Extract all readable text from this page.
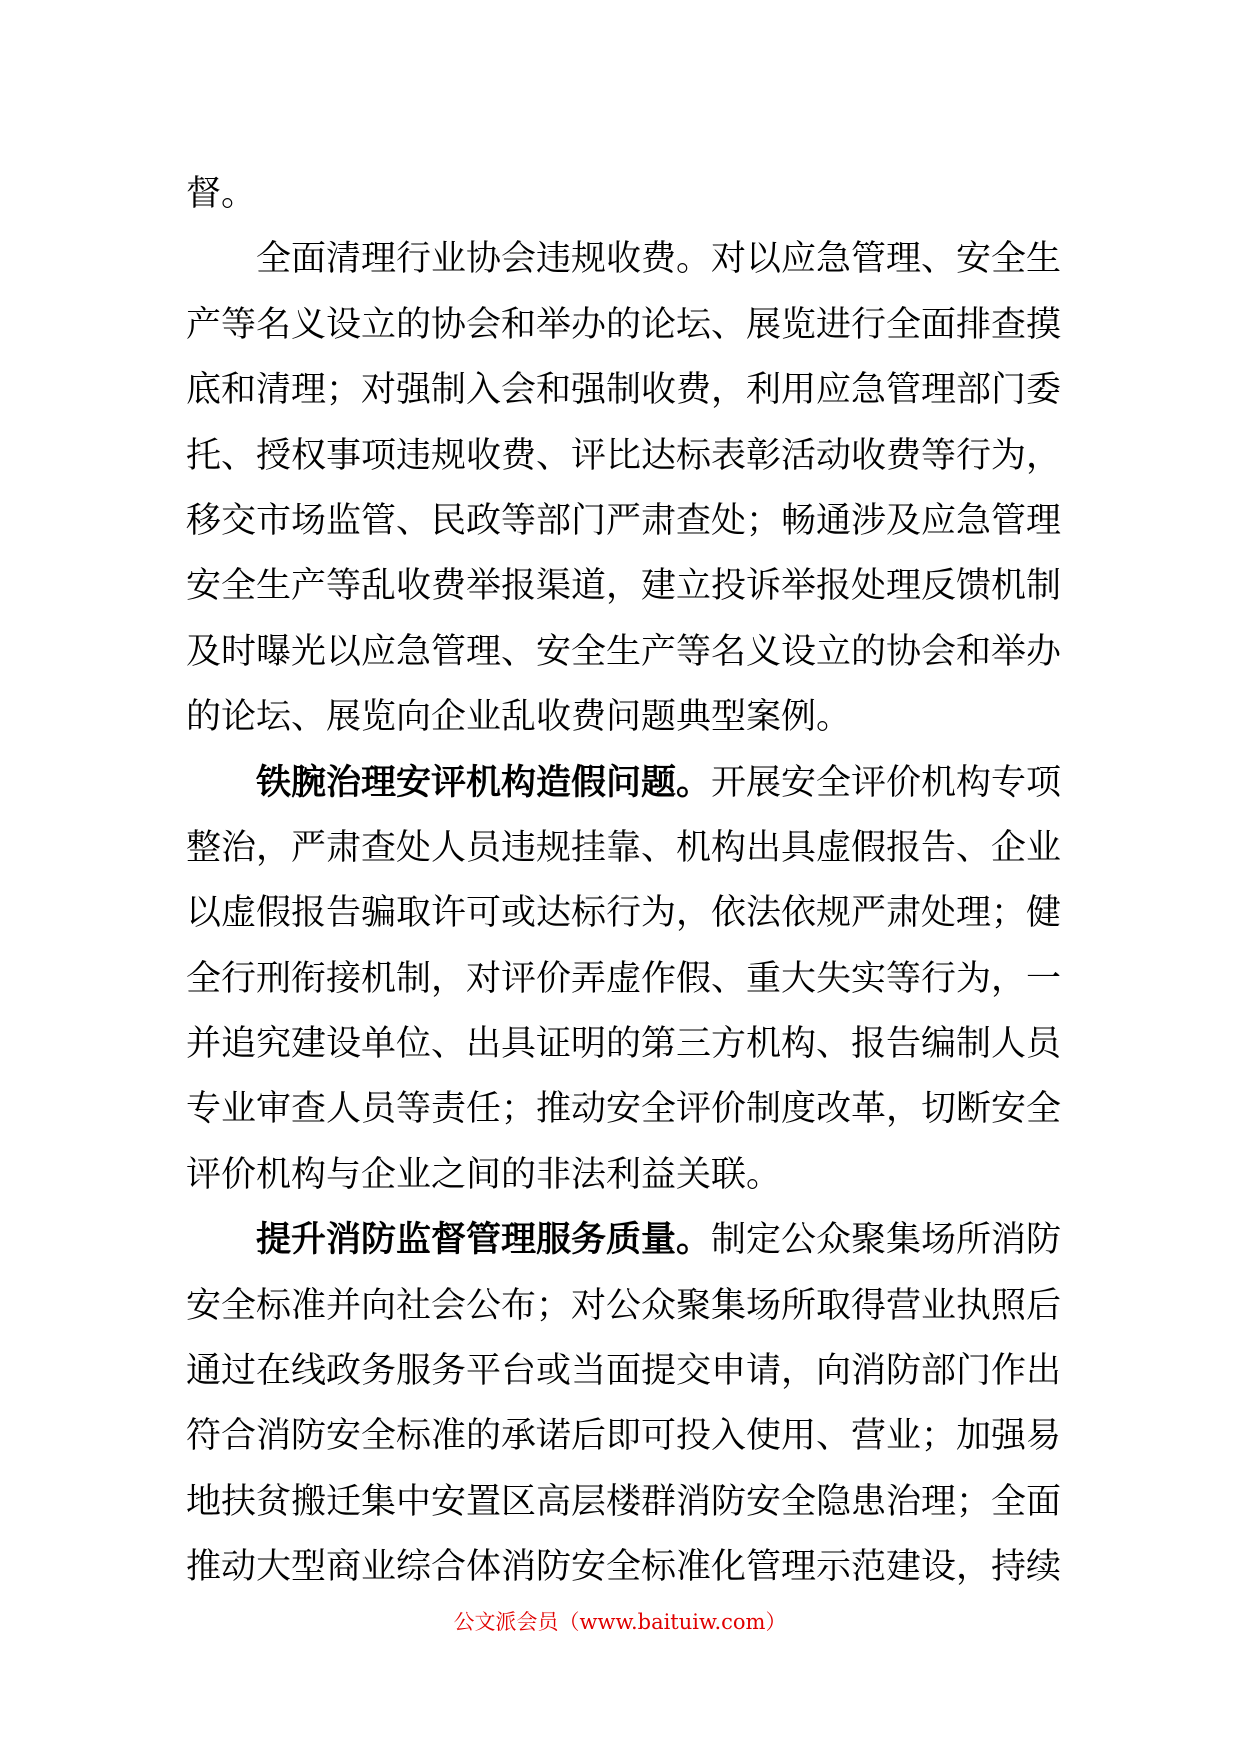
督。
全面清理行业协会违规收费。对以应急管理、安全生
产等名义设立的协会和举办的论坛、展览进行全面排查摸
底和清理；对强制入会和强制收费，利用应急管理部门委
托、授权事项违规收费、评比达标表彰活动收费等行为，
移交市场监管、民政等部门严肃查处；畅通涉及应急管理
安全生产等乱收费举报渠道，建立投诉举报处理反馈机制
及时曝光以应急管理、安全生产等名义设立的协会和举办
的论坛、展览向企业乱收费问题典型案例。
铁腕治理安评机构造假问题。开展安全评价机构专项
整治，严肃查处人员违规挂靠、机构出具虚假报告、企业
以虚假报告骗取许可或达标行为，依法依规严肃处理；健
全行刑衔接机制，对评价弄虚作假、重大失实等行为，一
并追究建设单位、出具证明的第三方机构、报告编制人员
专业审查人员等责任；推动安全评价制度改革，切断安全
评价机构与企业之间的非法利益关联。
提升消防监督管理服务质量。制定公众聚集场所消防
安全标准并向社会公布；对公众聚集场所取得营业执照后
通过在线政务服务平台或当面提交申请，向消防部门作出
符合消防安全标准的承诺后即可投入使用、营业；加强易
地扶贫搬迁集中安置区高层楼群消防安全隐患治理；全面
推动大型商业综合体消防安全标准化管理示范建设，持续
公文派会员（www.baituiw.com）
